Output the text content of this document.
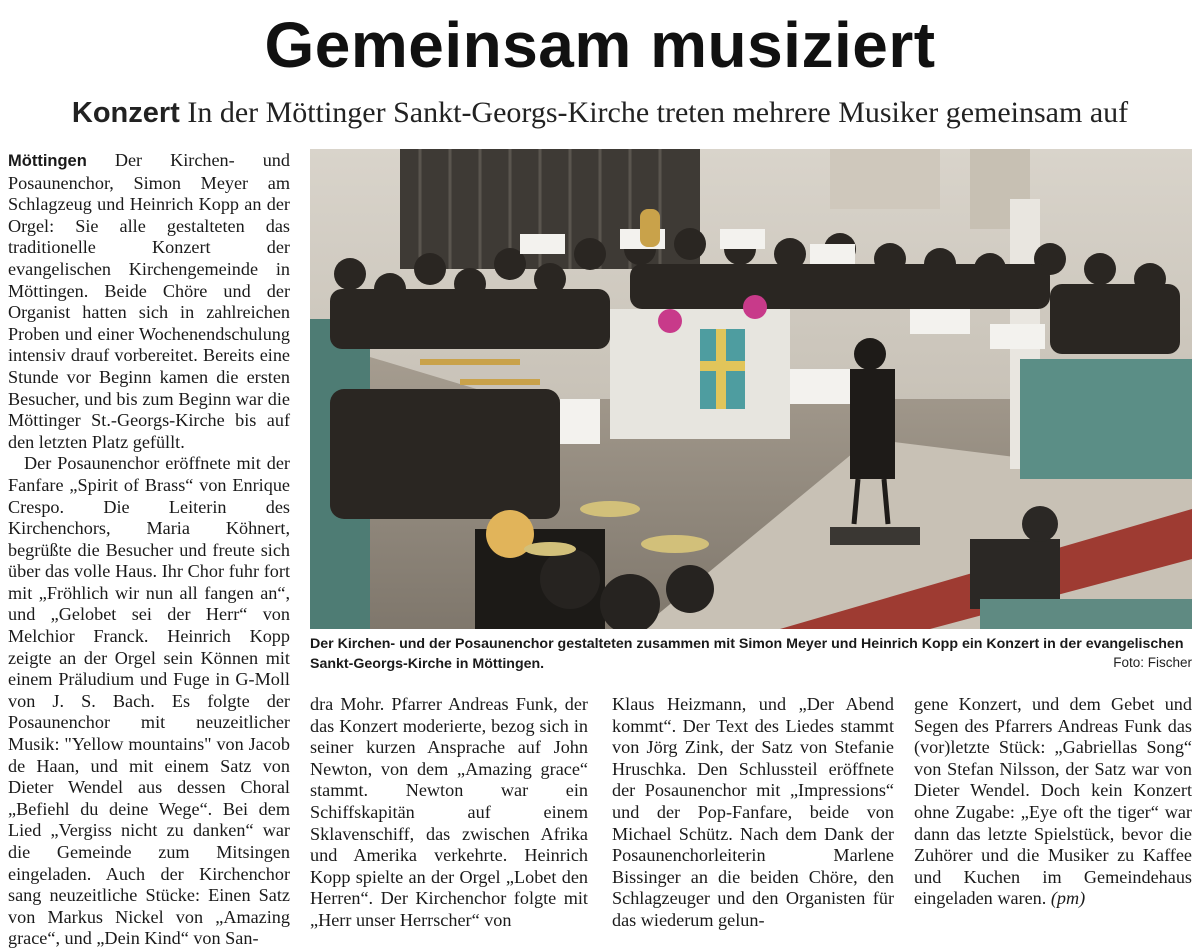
Gemeinsam musiziert
Konzert In der Möttinger Sankt-Georgs-Kirche treten mehrere Musiker gemeinsam auf

Möttingen Der Kirchen- und Posaunenchor, Simon Meyer am Schlagzeug und Heinrich Kopp an der Orgel: Sie alle gestalteten das traditionelle Konzert der evangelischen Kirchengemeinde in Möttingen. Beide Chöre und der Organist hatten sich in zahlreichen Proben und einer Wochenendschulung intensiv drauf vorbereitet. Bereits eine Stunde vor Beginn kamen die ersten Besucher, und bis zum Beginn war die Möttinger St.-Georgs-Kirche bis auf den letzten Platz gefüllt.

Der Posaunenchor eröffnete mit der Fanfare „Spirit of Brass“ von Enrique Crespo. Die Leiterin des Kirchenchors, Maria Köhnert, begrüßte die Besucher und freute sich über das volle Haus. Ihr Chor fuhr fort mit „Fröhlich wir nun all fangen an“, und „Gelobet sei der Herr“ von Melchior Franck. Heinrich Kopp zeigte an der Orgel sein Können mit einem Präludium und Fuge in G-Moll von J. S. Bach. Es folgte der Posaunenchor mit neuzeitlicher Musik: "Yellow mountains" von Jacob de Haan, und mit einem Satz von Dieter Wendel aus dessen Choral „Befiehl du deine Wege“. Bei dem Lied „Vergiss nicht zu danken“ war die Gemeinde zum Mitsingen eingeladen. Auch der Kirchenchor sang neuzeitliche Stücke: Einen Satz von Markus Nickel von „Amazing grace“, und „Dein Kind“ von San-

Der Kirchen- und der Posaunenchor gestalteten zusammen mit Simon Meyer und Heinrich Kopp ein Konzert in der evangelischen Sankt-Georgs-Kirche in Möttingen.	Foto: Fischer

dra Mohr. Pfarrer Andreas Funk, der das Konzert moderierte, bezog sich in seiner kurzen Ansprache auf John Newton, von dem „Amazing grace“ stammt. Newton war ein Schiffskapitän auf einem Sklavenschiff, das zwischen Afrika und Amerika verkehrte. Heinrich Kopp spielte an der Orgel „Lobet den Herren“. Der Kirchenchor folgte mit „Herr unser Herrscher“ von

Klaus Heizmann, und „Der Abend kommt“. Der Text des Liedes stammt von Jörg Zink, der Satz von Stefanie Hruschka. Den Schlussteil eröffnete der Posaunenchor mit „Impressions“ und der Pop-Fanfare, beide von Michael Schütz. Nach dem Dank der Posaunenchorleiterin Marlene Bissinger an die beiden Chöre, den Schlagzeuger und den Organisten für das wiederum gelun-

gene Konzert, und dem Gebet und Segen des Pfarrers Andreas Funk das (vor)letzte Stück: „Gabriellas Song“ von Stefan Nilsson, der Satz war von Dieter Wendel. Doch kein Konzert ohne Zugabe: „Eye oft the tiger“ war dann das letzte Spielstück, bevor die Zuhörer und die Musiker zu Kaffee und Kuchen im Gemeindehaus eingeladen waren. (pm)
